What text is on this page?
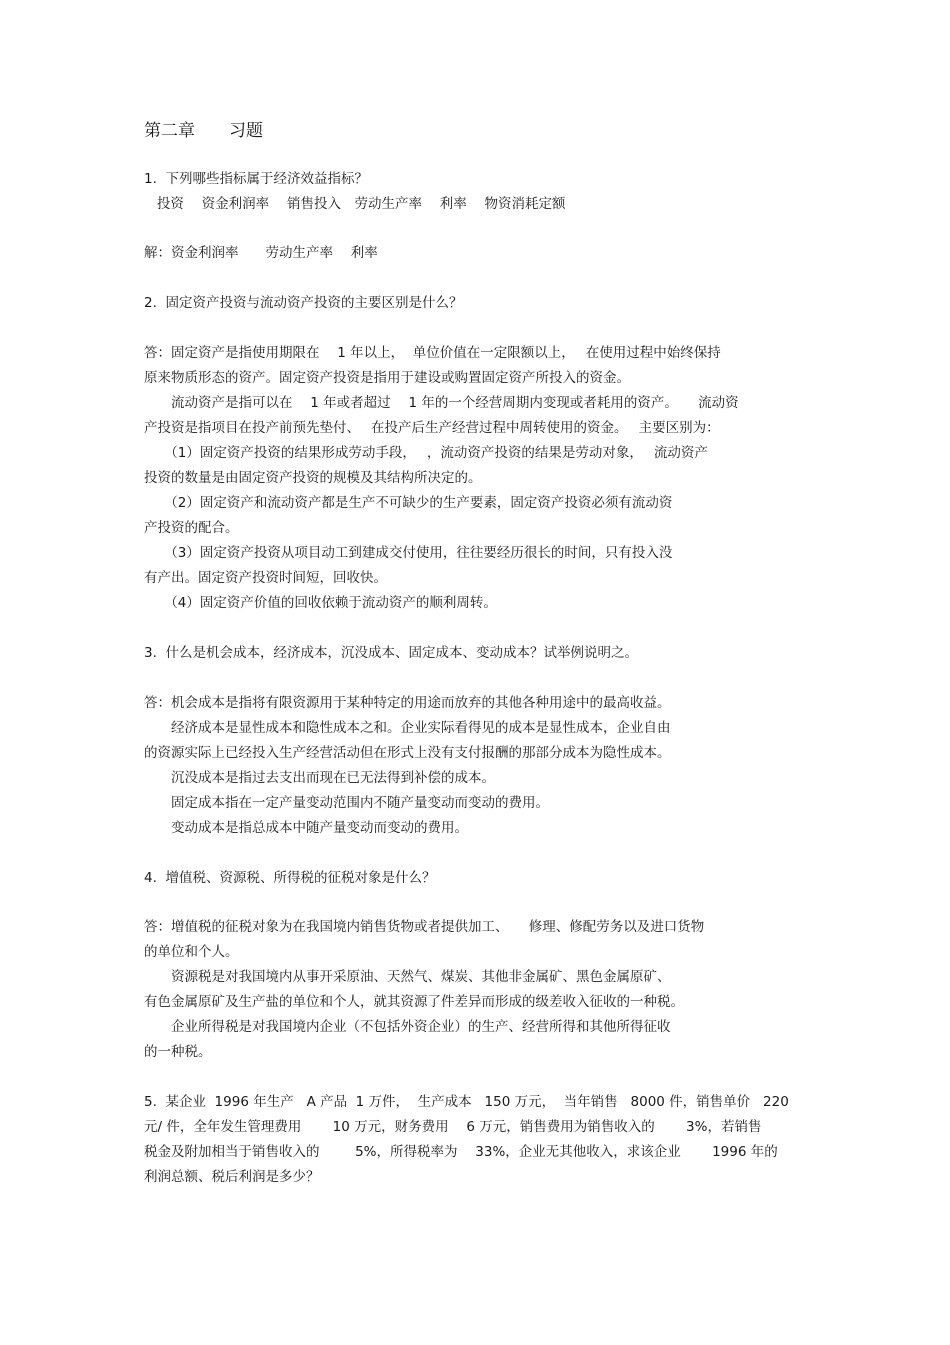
第二章　　习题
1.  下列哪些指标属于经济效益指标？
投资　 资金利润率　 销售投入　劳动生产率　 利率　 物资消耗定额
解：资金利润率　　劳动生产率　 利率
2.  固定资产投资与流动资产投资的主要区别是什么？
答：固定资产是指使用期限在　 1 年以上，  单位价值在一定限额以上，　 在使用过程中始终保持
原来物质形态的资产。固定资产投资是指用于建设或购置固定资产所投入的资金。
　　流动资产是指可以在　 1 年或者超过　 1 年的一个经营周期内变现或者耗用的资产。　　流动资
产投资是指项目在投产前预先垫付、　 在投产后生产经营过程中周转使用的资金。　 主要区别为：
　　（1）固定资产投资的结果形成劳动手段，　 ，流动资产投资的结果是劳动对象，　 流动资产
投资的数量是由固定资产投资的规模及其结构所决定的。
　　（2）固定资产和流动资产都是生产不可缺少的生产要素，固定资产投资必须有流动资
产投资的配合。
　　（3）固定资产投资从项目动工到建成交付使用，往往要经历很长的时间，只有投入没
有产出。固定资产投资时间短，回收快。
　　（4）固定资产价值的回收依赖于流动资产的顺利周转。
3.  什么是机会成本，经济成本，沉没成本、固定成本、变动成本？试举例说明之。
答：机会成本是指将有限资源用于某种特定的用途而放弃的其他各种用途中的最高收益。
　　经济成本是显性成本和隐性成本之和。企业实际看得见的成本是显性成本，企业自由
的资源实际上已经投入生产经营活动但在形式上没有支付报酬的那部分成本为隐性成本。
　　沉没成本是指过去支出而现在已无法得到补偿的成本。
　　固定成本指在一定产量变动范围内不随产量变动而变动的费用。
　　变动成本是指总成本中随产量变动而变动的费用。
4.  增值税、资源税、所得税的征税对象是什么？
答：增值税的征税对象为在我国境内销售货物或者提供加工、　　修理、修配劳务以及进口货物
的单位和个人。
　　资源税是对我国境内从事开采原油、天然气、煤炭、其他非金属矿、黑色金属原矿、
有色金属原矿及生产盐的单位和个人，就其资源了件差异而形成的级差收入征收的一种税。
　　企业所得税是对我国境内企业（不包括外资企业）的生产、经营所得和其他所得征收
的一种税。
5.  某企业  1996 年生产   A 产品  1 万件，  生产成本   150 万元，  当年销售   8000 件，销售单价   220
元/ 件，全年发生管理费用　　 10 万元，财务费用　 6 万元，销售费用为销售收入的　　 3%，若销售
税金及附加相当于销售收入的　 　 5%，所得税率为　 33%，企业无其他收入，求该企业　　 1996 年的
利润总额、税后利润是多少？
